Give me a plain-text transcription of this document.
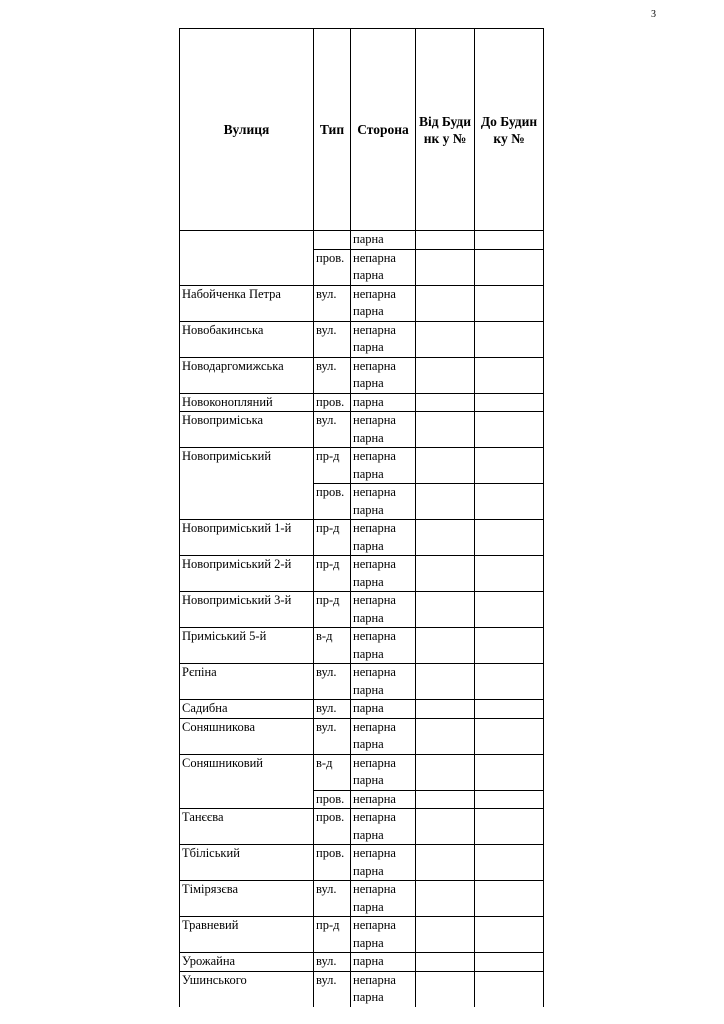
3
Вулиця	Тип	Сторона	Від Будинк у №	До Будинку №

		парна		

	пров.	непарна
парна		

Набойченка Петра	вул.	непарна
парна		

Новобакинська	вул.	непарна
парна		

Новодаргомижська	вул.	непарна
парна		

Новоконопляний	пров.	парна		

Новоприміська	вул.	непарна
парна		

Новоприміський	пр-д	непарна
парна		

	пров.	непарна
парна		

Новоприміський 1-й	пр-д	непарна
парна		

Новоприміський 2-й	пр-д	непарна
парна		

Новоприміський 3-й	пр-д	непарна
парна		

Приміський 5-й	в-д	непарна
парна		

Рєпіна	вул.	непарна
парна		

Садибна	вул.	парна		

Соняшникова	вул.	непарна
парна		

Соняшниковий	в-д	непарна
парна		

	пров.	непарна		

Танєєва	пров.	непарна
парна		

Тбіліський	пров.	непарна
парна		

Тімірязєва	вул.	непарна
парна		

Травневий	пр-д	непарна
парна		

Урожайна	вул.	парна		

Ушинського	вул.	непарна
парна		
